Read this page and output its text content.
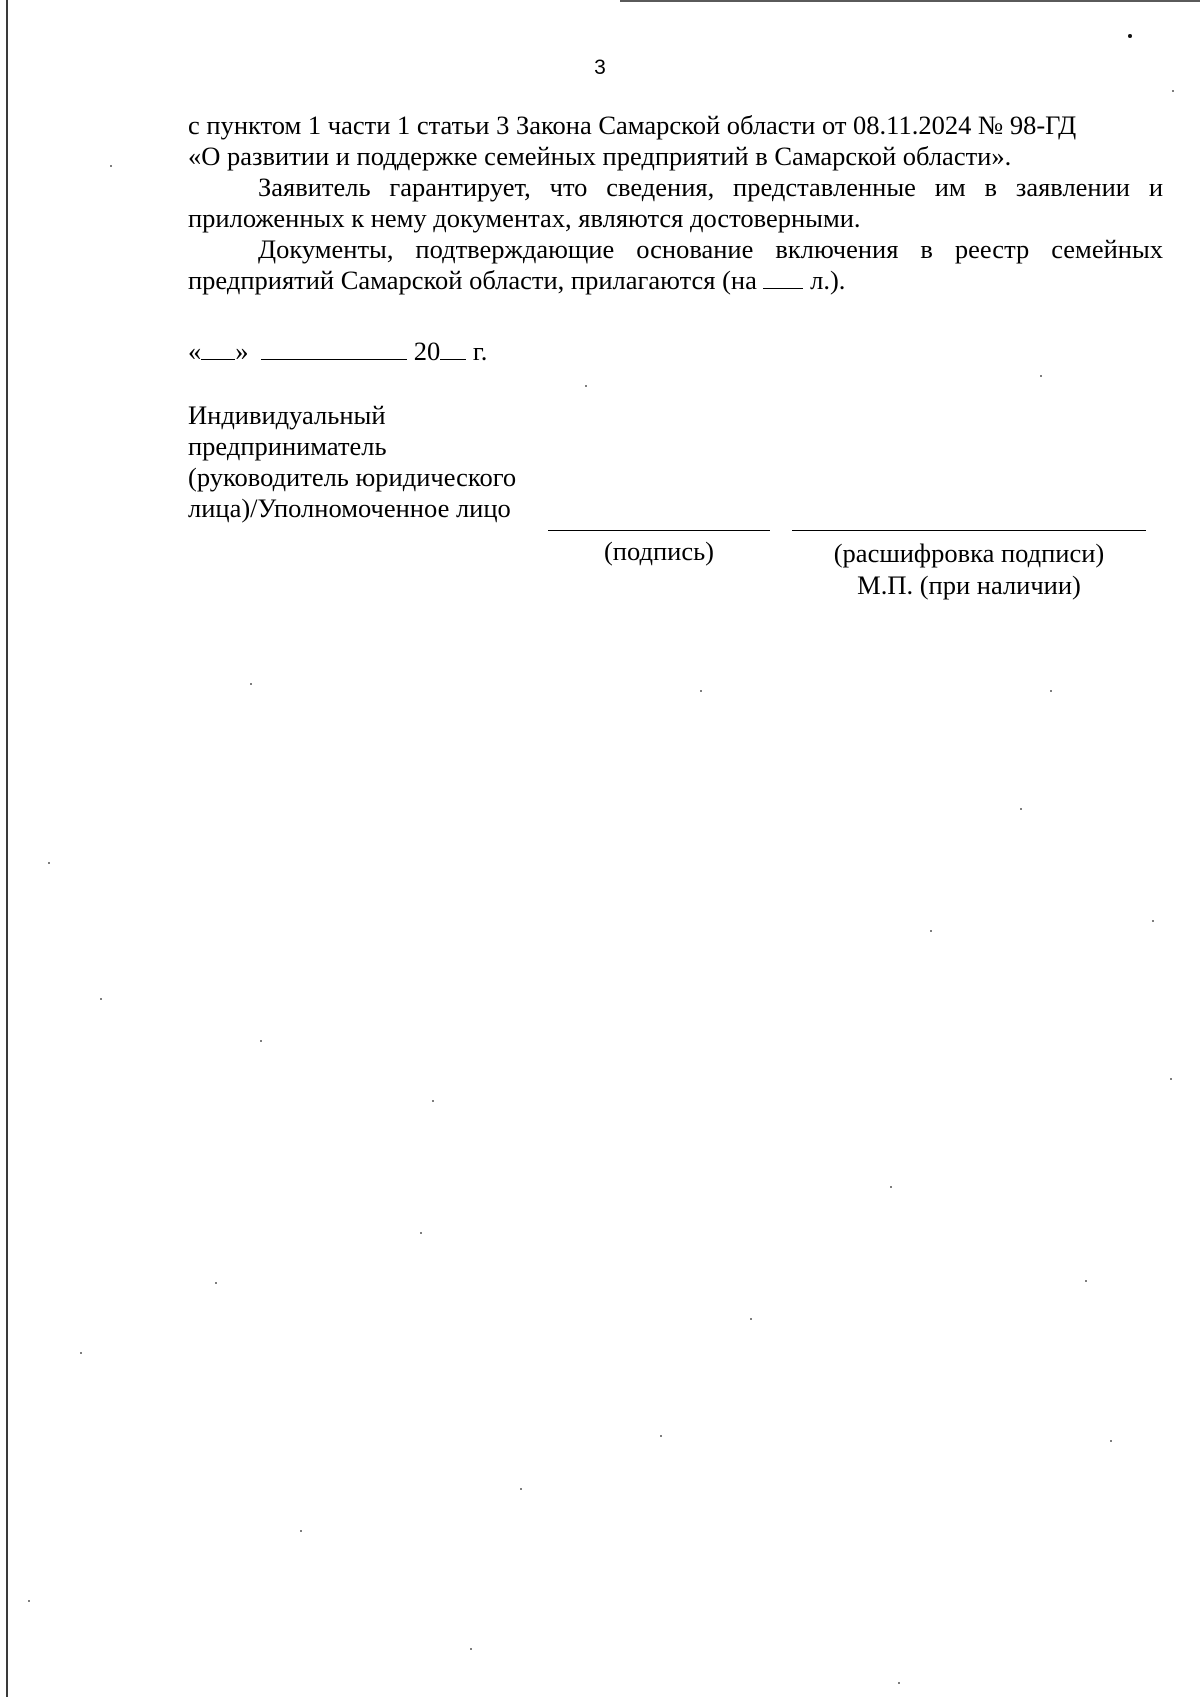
3

с пунктом 1 части 1 статьи 3 Закона Самарской области от 08.11.2024 № 98-ГД

«О развитии и поддержке семейных предприятий в Самарской области».

Заявитель гарантирует, что сведения, представленные им в заявлении и приложенных к нему документах, являются достоверными.

Документы, подтверждающие основание включения в реестр семейных предприятий Самарской области, прилагаются (на л.).

« »	20 г.
Индивидуальный
предприниматель
(руководитель юридического
лица)/Уполномоченное лицо
(подпись)	(расшифровка подписи)
М.П. (при наличии)
